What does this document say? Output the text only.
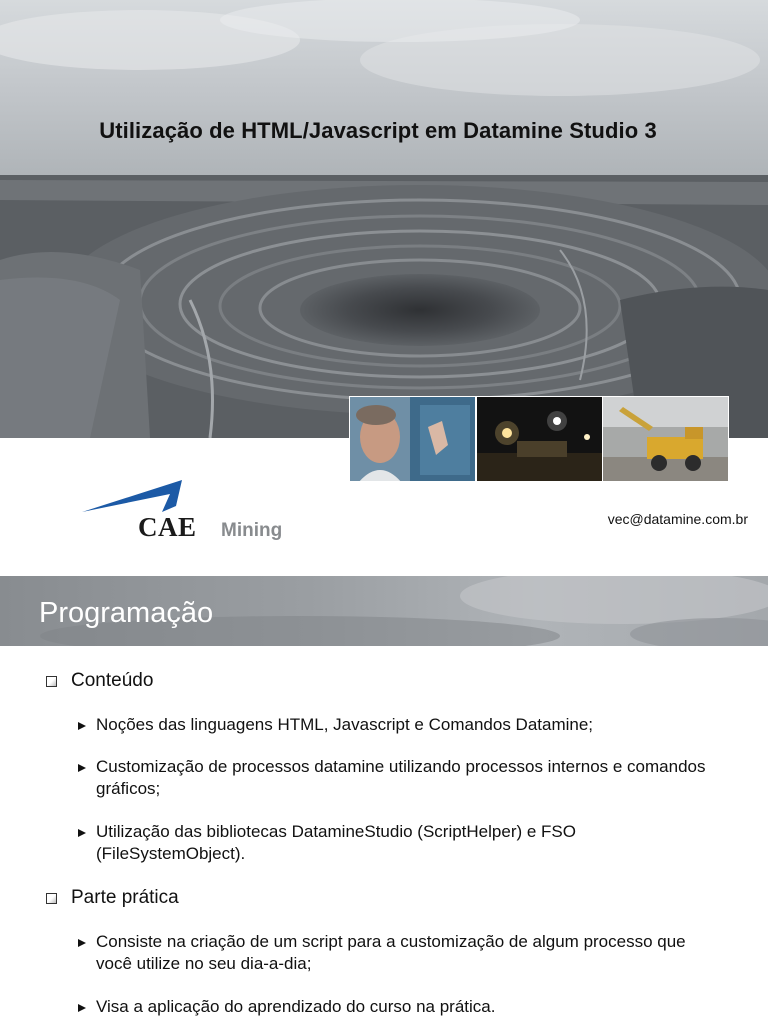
Utilização de HTML/Javascript em Datamine Studio 3
CAE Mining
vec@datamine.com.br
Programação
Conteúdo
Noções das linguagens HTML, Javascript e Comandos Datamine;
Customização de processos datamine utilizando processos internos e comandos gráficos;
Utilização das bibliotecas DatamineStudio (ScriptHelper) e FSO (FileSystemObject).
Parte prática
Consiste na criação de um script para a customização de algum processo que você utilize no seu dia-a-dia;
Visa a aplicação do aprendizado do curso na prática.
